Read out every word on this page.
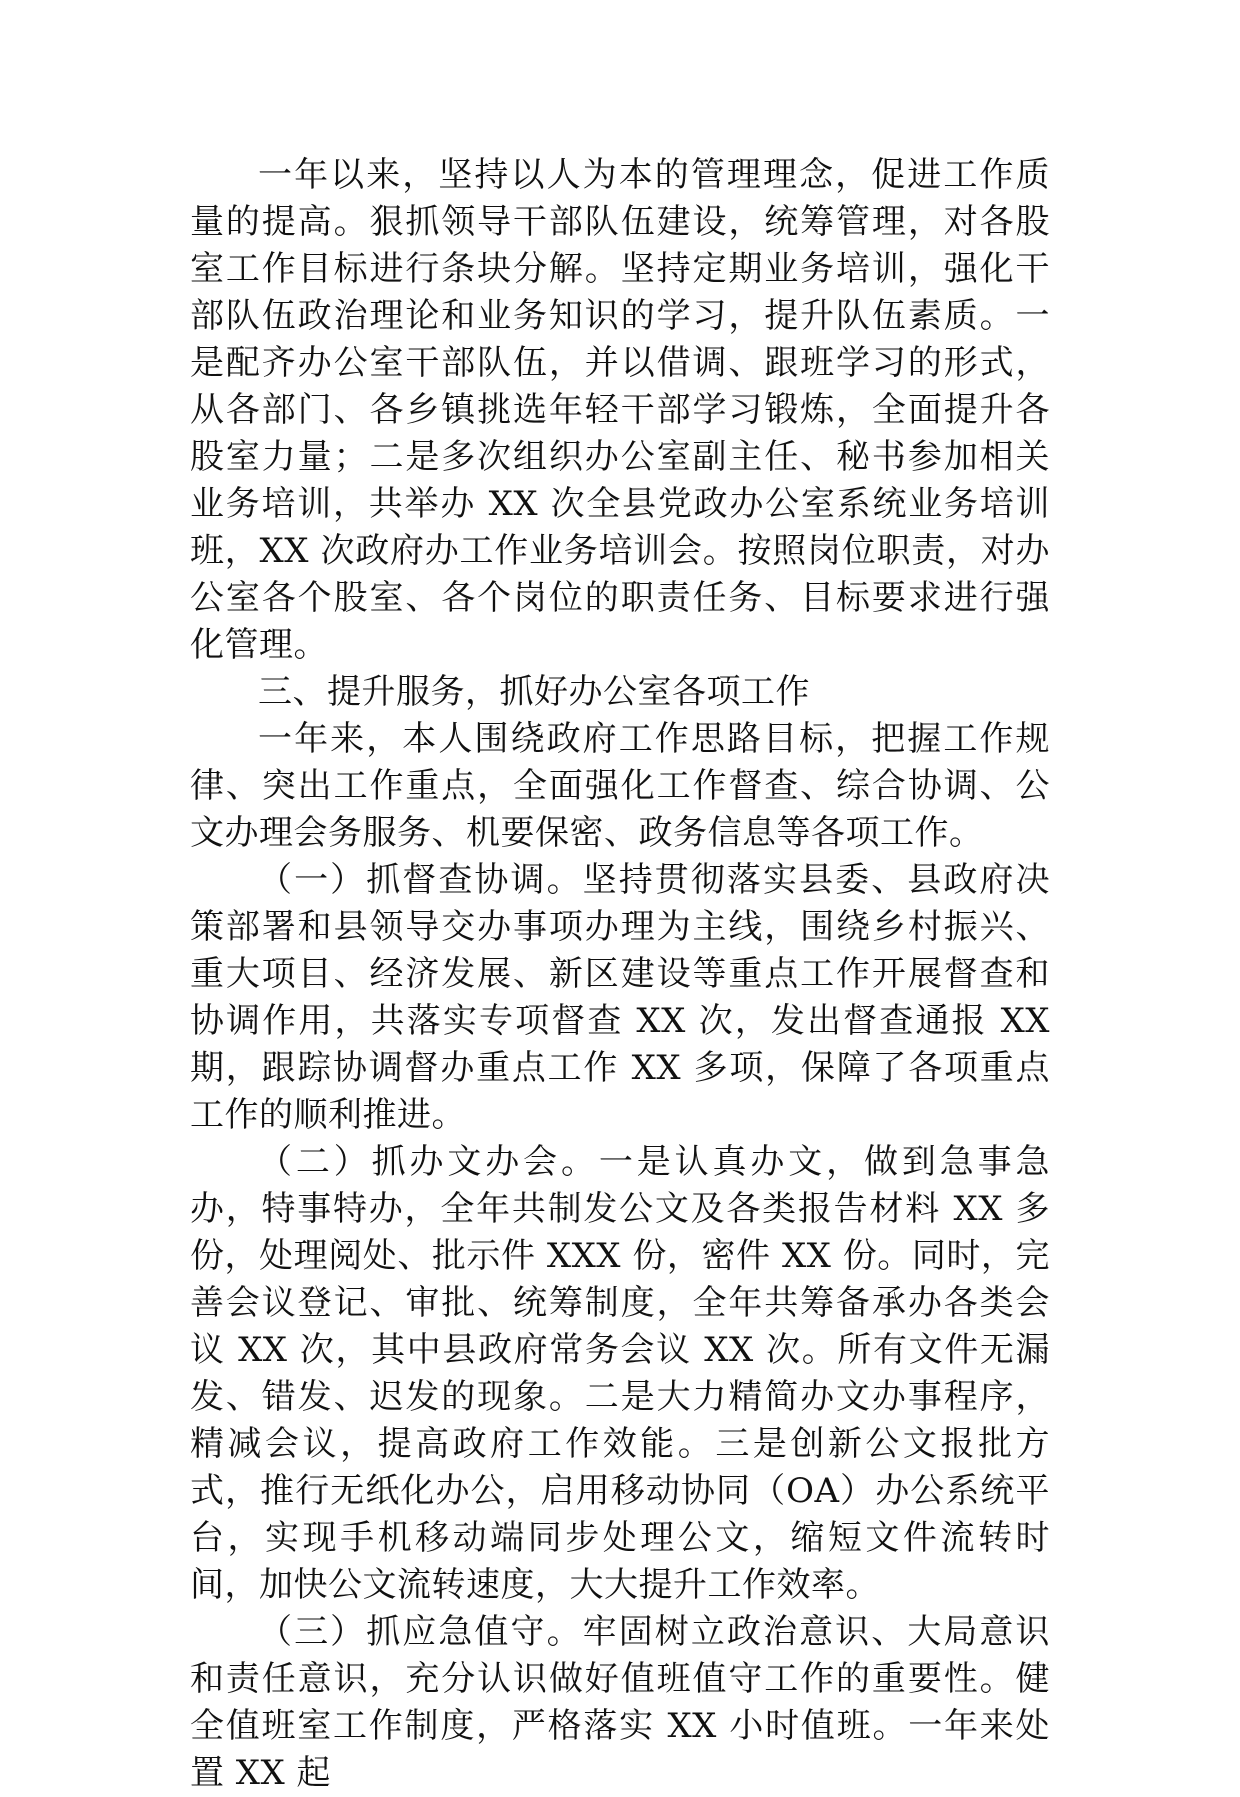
一年以来，坚持以人为本的管理理念，促进工作质量的提高。狠抓领导干部队伍建设，统筹管理，对各股室工作目标进行条块分解。坚持定期业务培训，强化干部队伍政治理论和业务知识的学习，提升队伍素质。一是配齐办公室干部队伍，并以借调、跟班学习的形式，从各部门、各乡镇挑选年轻干部学习锻炼，全面提升各股室力量；二是多次组织办公室副主任、秘书参加相关业务培训，共举办 XX 次全县党政办公室系统业务培训班，XX 次政府办工作业务培训会。按照岗位职责，对办公室各个股室、各个岗位的职责任务、目标要求进行强化管理。

三、提升服务，抓好办公室各项工作

一年来，本人围绕政府工作思路目标，把握工作规律、突出工作重点，全面强化工作督查、综合协调、公文办理会务服务、机要保密、政务信息等各项工作。

（一）抓督查协调。坚持贯彻落实县委、县政府决策部署和县领导交办事项办理为主线，围绕乡村振兴、重大项目、经济发展、新区建设等重点工作开展督查和协调作用，共落实专项督查 XX 次，发出督查通报 XX 期，跟踪协调督办重点工作 XX 多项，保障了各项重点工作的顺利推进。

（二）抓办文办会。一是认真办文，做到急事急办，特事特办，全年共制发公文及各类报告材料 XX 多份，处理阅处、批示件 XXX 份，密件 XX 份。同时，完善会议登记、审批、统筹制度，全年共筹备承办各类会议 XX 次，其中县政府常务会议 XX 次。所有文件无漏发、错发、迟发的现象。二是大力精简办文办事程序，精减会议，提高政府工作效能。三是创新公文报批方式，推行无纸化办公，启用移动协同（OA）办公系统平台，实现手机移动端同步处理公文，缩短文件流转时间，加快公文流转速度，大大提升工作效率。

（三）抓应急值守。牢固树立政治意识、大局意识和责任意识，充分认识做好值班值守工作的重要性。健全值班室工作制度，严格落实 XX 小时值班。一年来处置 XX 起
